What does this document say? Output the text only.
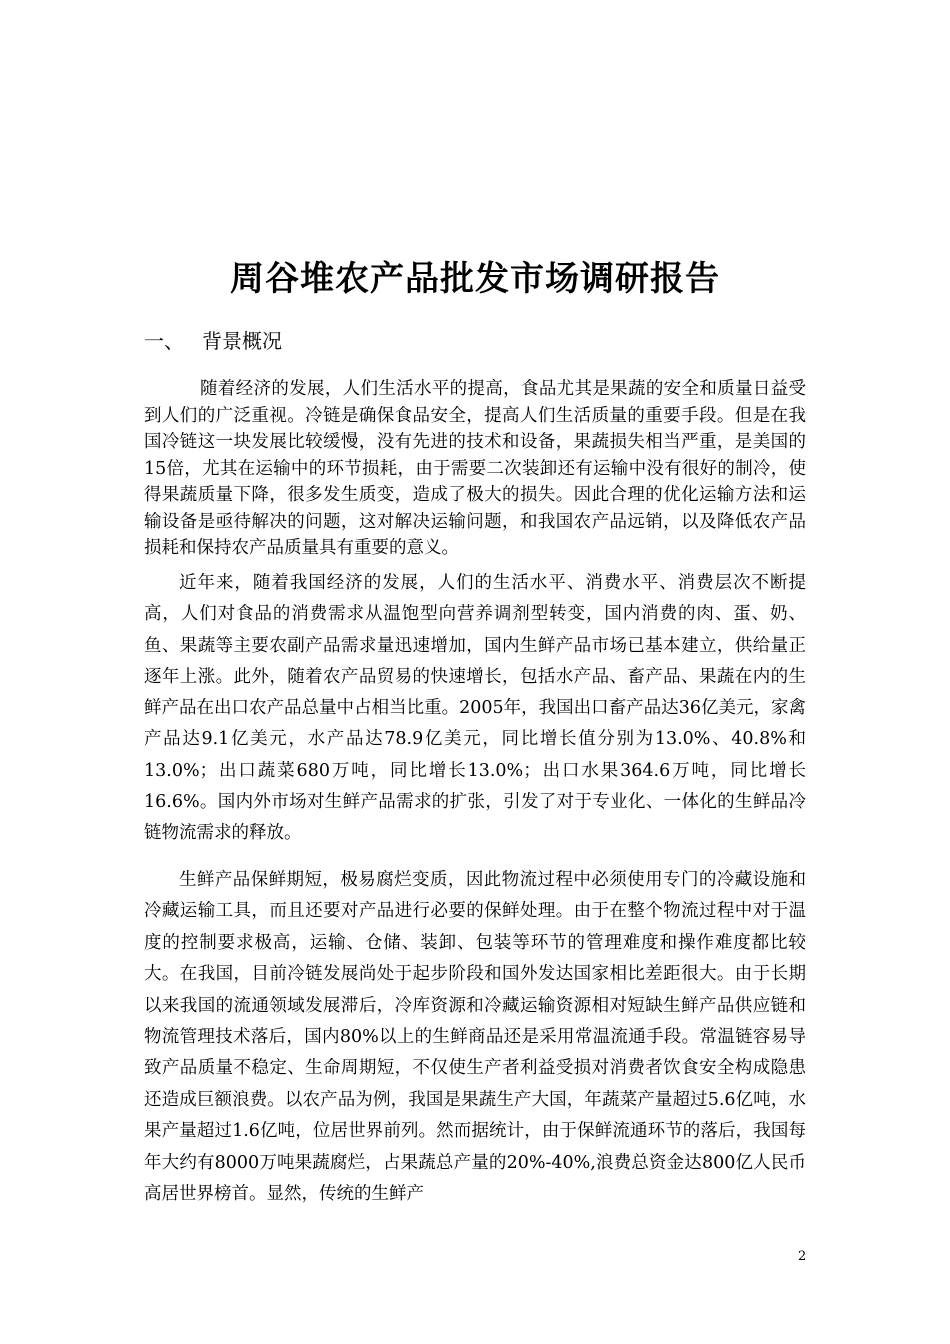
周谷堆农产品批发市场调研报告
一、 背景概况

随着经济的发展，人们生活水平的提高，食品尤其是果蔬的安全和质量日益受到人们的广泛重视。冷链是确保食品安全，提高人们生活质量的重要手段。但是在我国冷链这一块发展比较缓慢，没有先进的技术和设备，果蔬损失相当严重，是美国的15倍，尤其在运输中的环节损耗，由于需要二次装卸还有运输中没有很好的制冷，使得果蔬质量下降，很多发生质变，造成了极大的损失。因此合理的优化运输方法和运输设备是亟待解决的问题，这对解决运输问题，和我国农产品远销，以及降低农产品损耗和保持农产品质量具有重要的意义。

近年来，随着我国经济的发展，人们的生活水平、消费水平、消费层次不断提高，人们对食品的消费需求从温饱型向营养调剂型转变，国内消费的肉、蛋、奶、鱼、果蔬等主要农副产品需求量迅速增加，国内生鲜产品市场已基本建立，供给量正逐年上涨。此外，随着农产品贸易的快速增长，包括水产品、畜产品、果蔬在内的生鲜产品在出口农产品总量中占相当比重。2005年，我国出口畜产品达36亿美元，家禽产品达9.1亿美元，水产品达78.9亿美元，同比增长值分别为13.0%、40.8%和13.0%；出口蔬菜680万吨，同比增长13.0%；出口水果364.6万吨，同比增长16.6%。国内外市场对生鲜产品需求的扩张，引发了对于专业化、一体化的生鲜品冷链物流需求的释放。

生鲜产品保鲜期短，极易腐烂变质，因此物流过程中必须使用专门的冷藏设施和冷藏运输工具，而且还要对产品进行必要的保鲜处理。由于在整个物流过程中对于温度的控制要求极高，运输、仓储、装卸、包装等环节的管理难度和操作难度都比较大。在我国，目前冷链发展尚处于起步阶段和国外发达国家相比差距很大。由于长期以来我国的流通领域发展滞后，冷库资源和冷藏运输资源相对短缺生鲜产品供应链和物流管理技术落后，国内80%以上的生鲜商品还是采用常温流通手段。常温链容易导致产品质量不稳定、生命周期短，不仅使生产者利益受损对消费者饮食安全构成隐患还造成巨额浪费。以农产品为例，我国是果蔬生产大国，年蔬菜产量超过5.6亿吨，水果产量超过1.6亿吨，位居世界前列。然而据统计，由于保鲜流通环节的落后，我国每年大约有8000万吨果蔬腐烂，占果蔬总产量的20%-40%,浪费总资金达800亿人民币高居世界榜首。显然，传统的生鲜产

2
